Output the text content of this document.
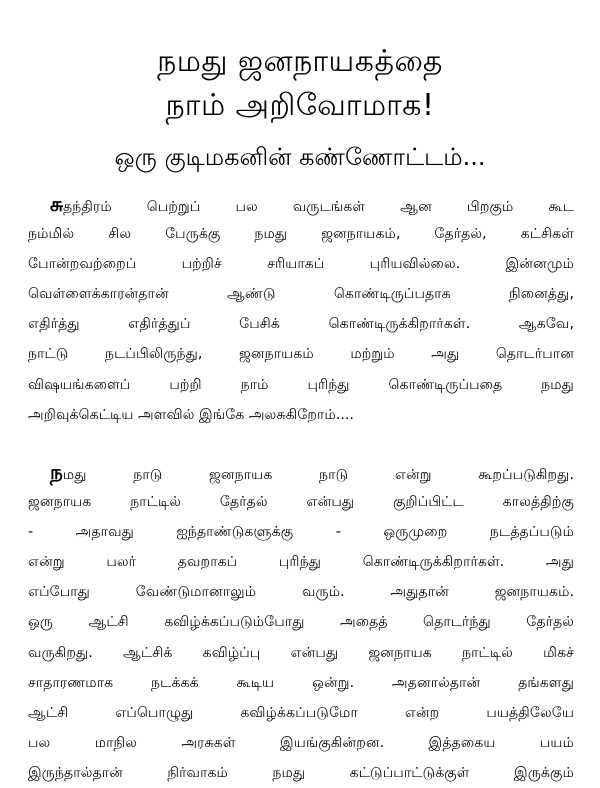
நமது ஜனநாயகத்தை
நாம் அறிவோமாக!
ஒரு குடிமகனின் கண்ணோட்டம்...
சுதந்திரம் பெற்றுப் பல வருடங்கள் ஆன பிறகும் கூட
நம்மில் சில பேருக்கு நமது ஜனநாயகம், தேர்தல், கட்சிகள்
போன்றவற்றைப் பற்றிச் சரியாகப் புரியவில்லை. இன்னமும்
வெள்ளைக்காரன்தான் ஆண்டு கொண்டிருப்பதாக நினைத்து,
எதிர்த்து எதிர்த்துப் பேசிக் கொண்டிருக்கிறார்கள். ஆகவே,
நாட்டு நடப்பிலிருந்து, ஜனநாயகம் மற்றும் அது தொடர்பான
விஷயங்களைப் பற்றி நாம் புரிந்து கொண்டிருப்பதை நமது
அறிவுக்கெட்டிய அளவில் இங்கே அலசுகிறோம்....
நமது நாடு ஜனநாயக நாடு என்று கூறப்படுகிறது.
ஜனநாயக நாட்டில் தேர்தல் என்பது குறிப்பிட்ட காலத்திற்கு
- அதாவது ஐந்தாண்டுகளுக்கு - ஒருமுறை நடத்தப்படும்
என்று பலர் தவறாகப் புரிந்து கொண்டிருக்கிறார்கள். அது
எப்போது வேண்டுமானாலும் வரும். அதுதான் ஜனநாயகம்.
ஒரு ஆட்சி கவிழ்க்கப்படும்போது அதைத் தொடர்ந்து தேர்தல்
வருகிறது. ஆட்சிக் கவிழ்ப்பு என்பது ஜனநாயக நாட்டில் மிகச்
சாதாரணமாக நடக்கக் கூடிய ஒன்று. அதனால்தான் தங்களது
ஆட்சி எப்பொழுது கவிழ்க்கப்படுமோ என்ற பயத்திலேயே
பல மாநில அரசுகள் இயங்குகின்றன. இத்தகைய பயம்
இருந்தால்தான் நிர்வாகம் நமது கட்டுப்பாட்டுக்குள் இருக்கும்
